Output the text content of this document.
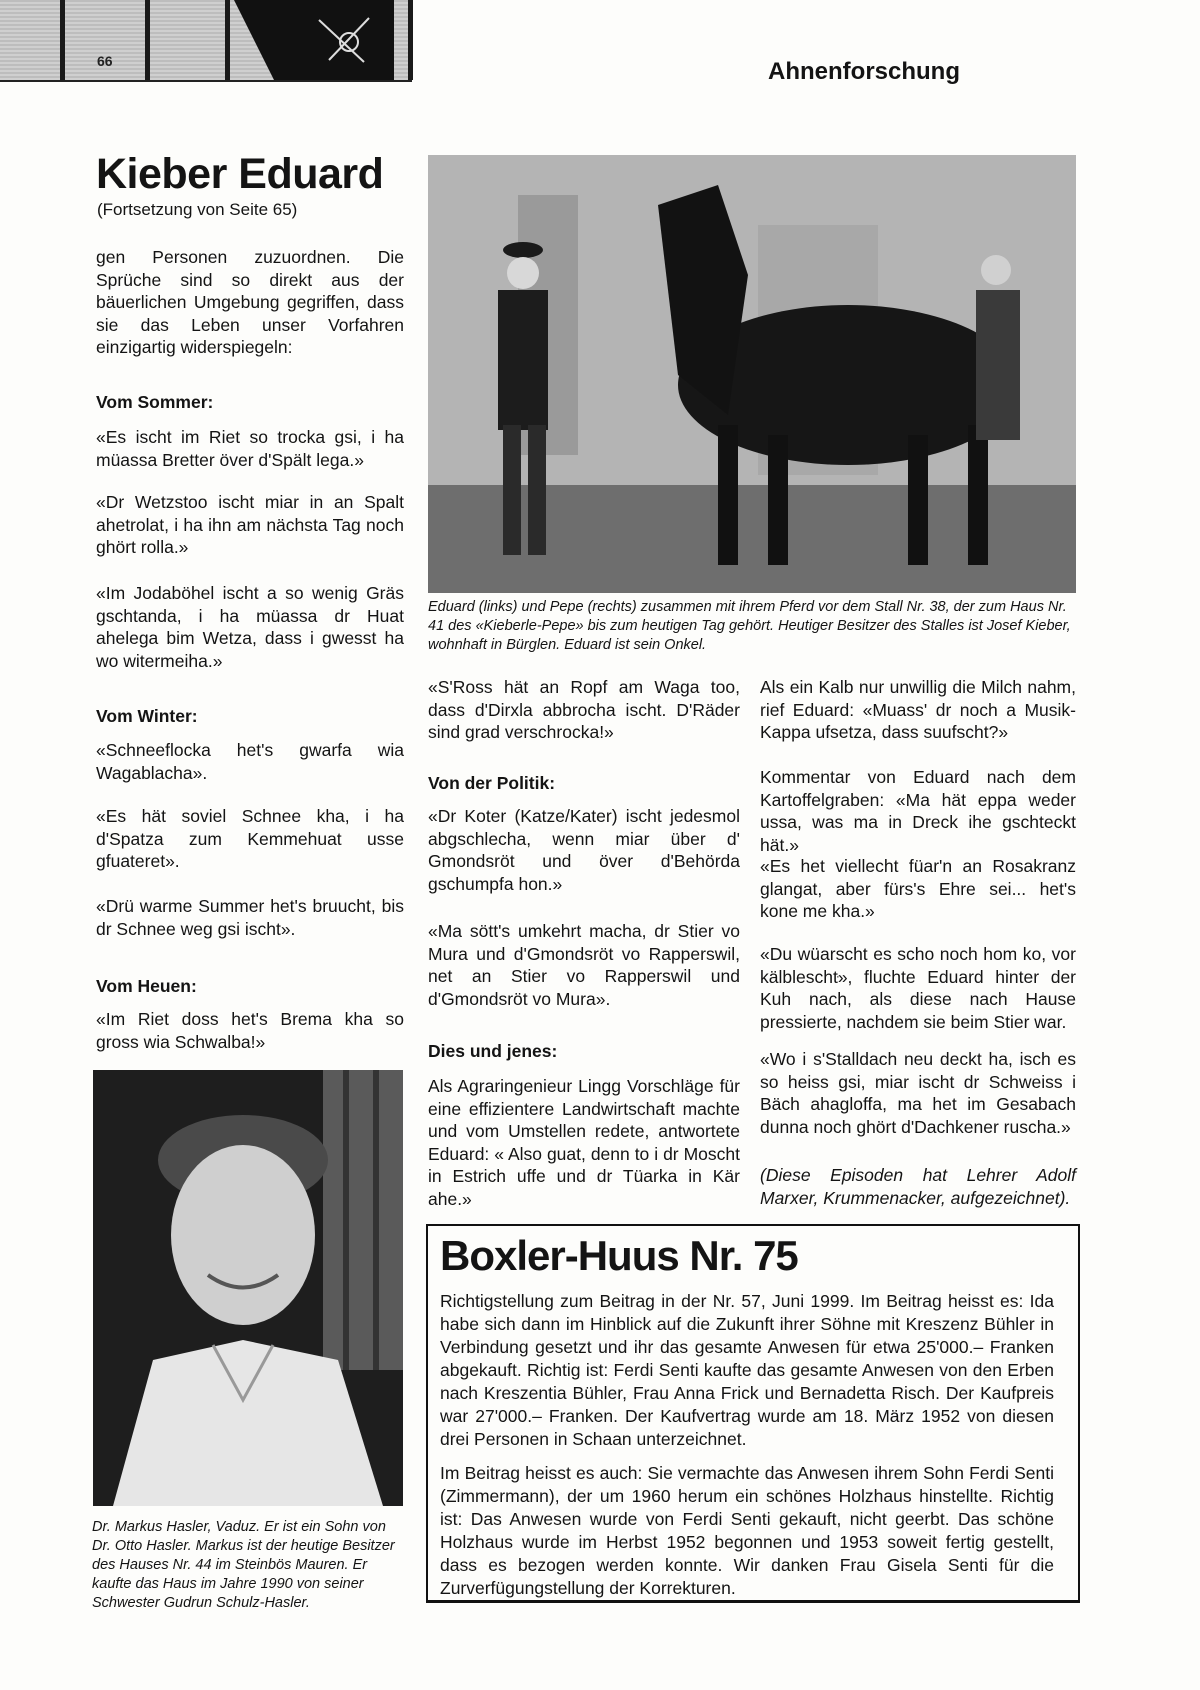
66	Ahnenforschung
Kieber Eduard
(Fortsetzung von Seite 65)

gen Personen zuzuordnen. Die Sprüche sind so direkt aus der bäuerlichen Umgebung gegriffen, dass sie das Leben unser Vorfahren einzigartig widerspiegeln:

Vom Sommer:

«Es ischt im Riet so trocka gsi, i ha müassa Bretter över d'Spält lega.»

«Dr Wetzstoo ischt miar in an Spalt ahetrolat, i ha ihn am nächsta Tag noch ghört rolla.»

«Im Jodaböhel ischt a so wenig Gräs gschtanda, i ha müassa dr Huat ahelega bim Wetza, dass i gwesst ha wo witermeiha.»

Vom Winter:

«Schneeflocka het's gwarfa wia Wagablacha».

«Es hät soviel Schnee kha, i ha d'Spatza zum Kemmehuat usse gfuateret».

«Drü warme Summer het's bruucht, bis dr Schnee weg gsi ischt».

Vom Heuen:

«Im Riet doss het's Brema kha so gross wia Schwalba!»

Eduard (links) und Pepe (rechts) zusammen mit ihrem Pferd vor dem Stall Nr. 38, der zum Haus Nr. 41 des «Kieberle-Pepe» bis zum heutigen Tag gehört. Heutiger Besitzer des Stalles ist Josef Kieber, wohnhaft in Bürglen. Eduard ist sein Onkel.

«S'Ross hät an Ropf am Waga too, dass d'Dirxla abbrocha ischt. D'Räder sind grad verschrocka!»

Von der Politik:

«Dr Koter (Katze/Kater) ischt jedesmol abgschlecha, wenn miar über d' Gmondsröt und över d'Behörda gschumpfa hon.»

«Ma sött's umkehrt macha, dr Stier vo Mura und d'Gmondsröt vo Rapperswil, net an Stier vo Rapperswil und d'Gmondsröt vo Mura».

Dies und jenes:

Als Agraringenieur Lingg Vorschläge für eine effizientere Landwirtschaft machte und vom Umstellen redete, antwortete Eduard: « Also guat, denn to i dr Moscht in Estrich uffe und dr Tüarka in Kär ahe.»

Als ein Kalb nur unwillig die Milch nahm, rief Eduard: «Muass' dr noch a Musik-Kappa ufsetza, dass suufscht?»

Kommentar von Eduard nach dem Kartoffelgraben: «Ma hät eppa weder ussa, was ma in Dreck ihe gschteckt hät.»

«Es het viellecht füar'n an Rosakranz glangat, aber fürs's Ehre sei... het's kone me kha.»

«Du wüarscht es scho noch hom ko, vor kälbleschtּ», fluchte Eduard hinter der Kuh nach, als diese nach Hause pressierte, nachdem sie beim Stier war.

«Wo i s'Stalldach neu deckt ha, isch es so heiss gsi, miar ischt dr Schweiss i Bäch ahagloffa, ma het im Gesabach dunna noch ghört d'Dachkener ruscha.»

(Diese Episoden hat Lehrer Adolf Marxer, Krummenacker, aufgezeichnet).

Dr. Markus Hasler, Vaduz. Er ist ein Sohn von Dr. Otto Hasler. Markus ist der heutige Besitzer des Hauses Nr. 44 im Steinbös Mauren. Er kaufte das Haus im Jahre 1990 von seiner Schwester Gudrun Schulz-Hasler.

Boxler-Huus Nr. 75

Richtigstellung zum Beitrag in der Nr. 57, Juni 1999. Im Beitrag heisst es: Ida habe sich dann im Hinblick auf die Zukunft ihrer Söhne mit Kreszenz Bühler in Verbindung gesetzt und ihr das gesamte Anwesen für etwa 25'000.– Franken abgekauft. Richtig ist: Ferdi Senti kaufte das gesamte Anwesen von den Erben nach Kreszentia Bühler, Frau Anna Frick und Bernadetta Risch. Der Kaufpreis war 27'000.– Franken. Der Kaufvertrag wurde am 18. März 1952 von diesen drei Personen in Schaan unterzeichnet.

Im Beitrag heisst es auch: Sie vermachte das Anwesen ihrem Sohn Ferdi Senti (Zimmermann), der um 1960 herum ein schönes Holzhaus hinstellte. Richtig ist: Das Anwesen wurde von Ferdi Senti gekauft, nicht geerbt. Das schöne Holzhaus wurde im Herbst 1952 begonnen und 1953 soweit fertig gestellt, dass es bezogen werden konnte. Wir danken Frau Gisela Senti für die Zurverfügungstellung der Korrekturen.
